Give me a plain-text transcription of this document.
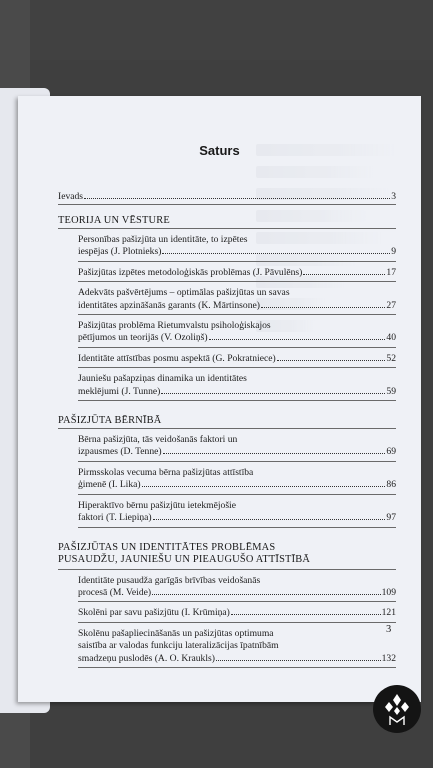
Saturs
Ievads	3
TEORIJA UN VĒSTURE
Personības pašizjūta un identitāte, to izpētes
iespējas (J. Plotnieks)	9
Pašizjūtas izpētes metodoloģiskās problēmas (J. Pāvulēns)	17
Adekvāts pašvērtējums – optimālas pašizjūtas un savas
identitātes apzināšanās garants (K. Mārtinsone)	27
Pašizjūtas problēma Rietumvalstu psiholoģiskajos
pētījumos un teorijās (V. Ozoliņš)	40
Identitāte attīstības posmu aspektā (G. Pokratniece)	52
Jauniešu pašapziņas dinamika un identitātes
meklējumi (J. Tunne)	59
PAŠIZJŪTA BĒRNĪBĀ
Bērna pašizjūta, tās veidošanās faktori un
izpausmes (D. Tenne)	69
Pirmsskolas vecuma bērna pašizjūtas attīstība
ģimenē (I. Lika)	86
Hiperaktīvo bērnu pašizjūtu ietekmējošie
faktori (T. Liepiņa)	97
PAŠIZJŪTAS UN IDENTITĀTES PROBLĒMAS
PUSAUDŽU, JAUNIEŠU UN PIEAUGUŠO ATTĪSTĪBĀ
Identitāte pusaudža garīgās brīvības veidošanās
procesā (M. Veide)	109
Skolēni par savu pašizjūtu (I. Krūmiņa)	121
Skolēnu pašapliecināšanās un pašizjūtas optimuma
saistība ar valodas funkciju lateralizācijas īpatnībām
smadzeņu puslodēs (A. O. Kraukls)	132
3
